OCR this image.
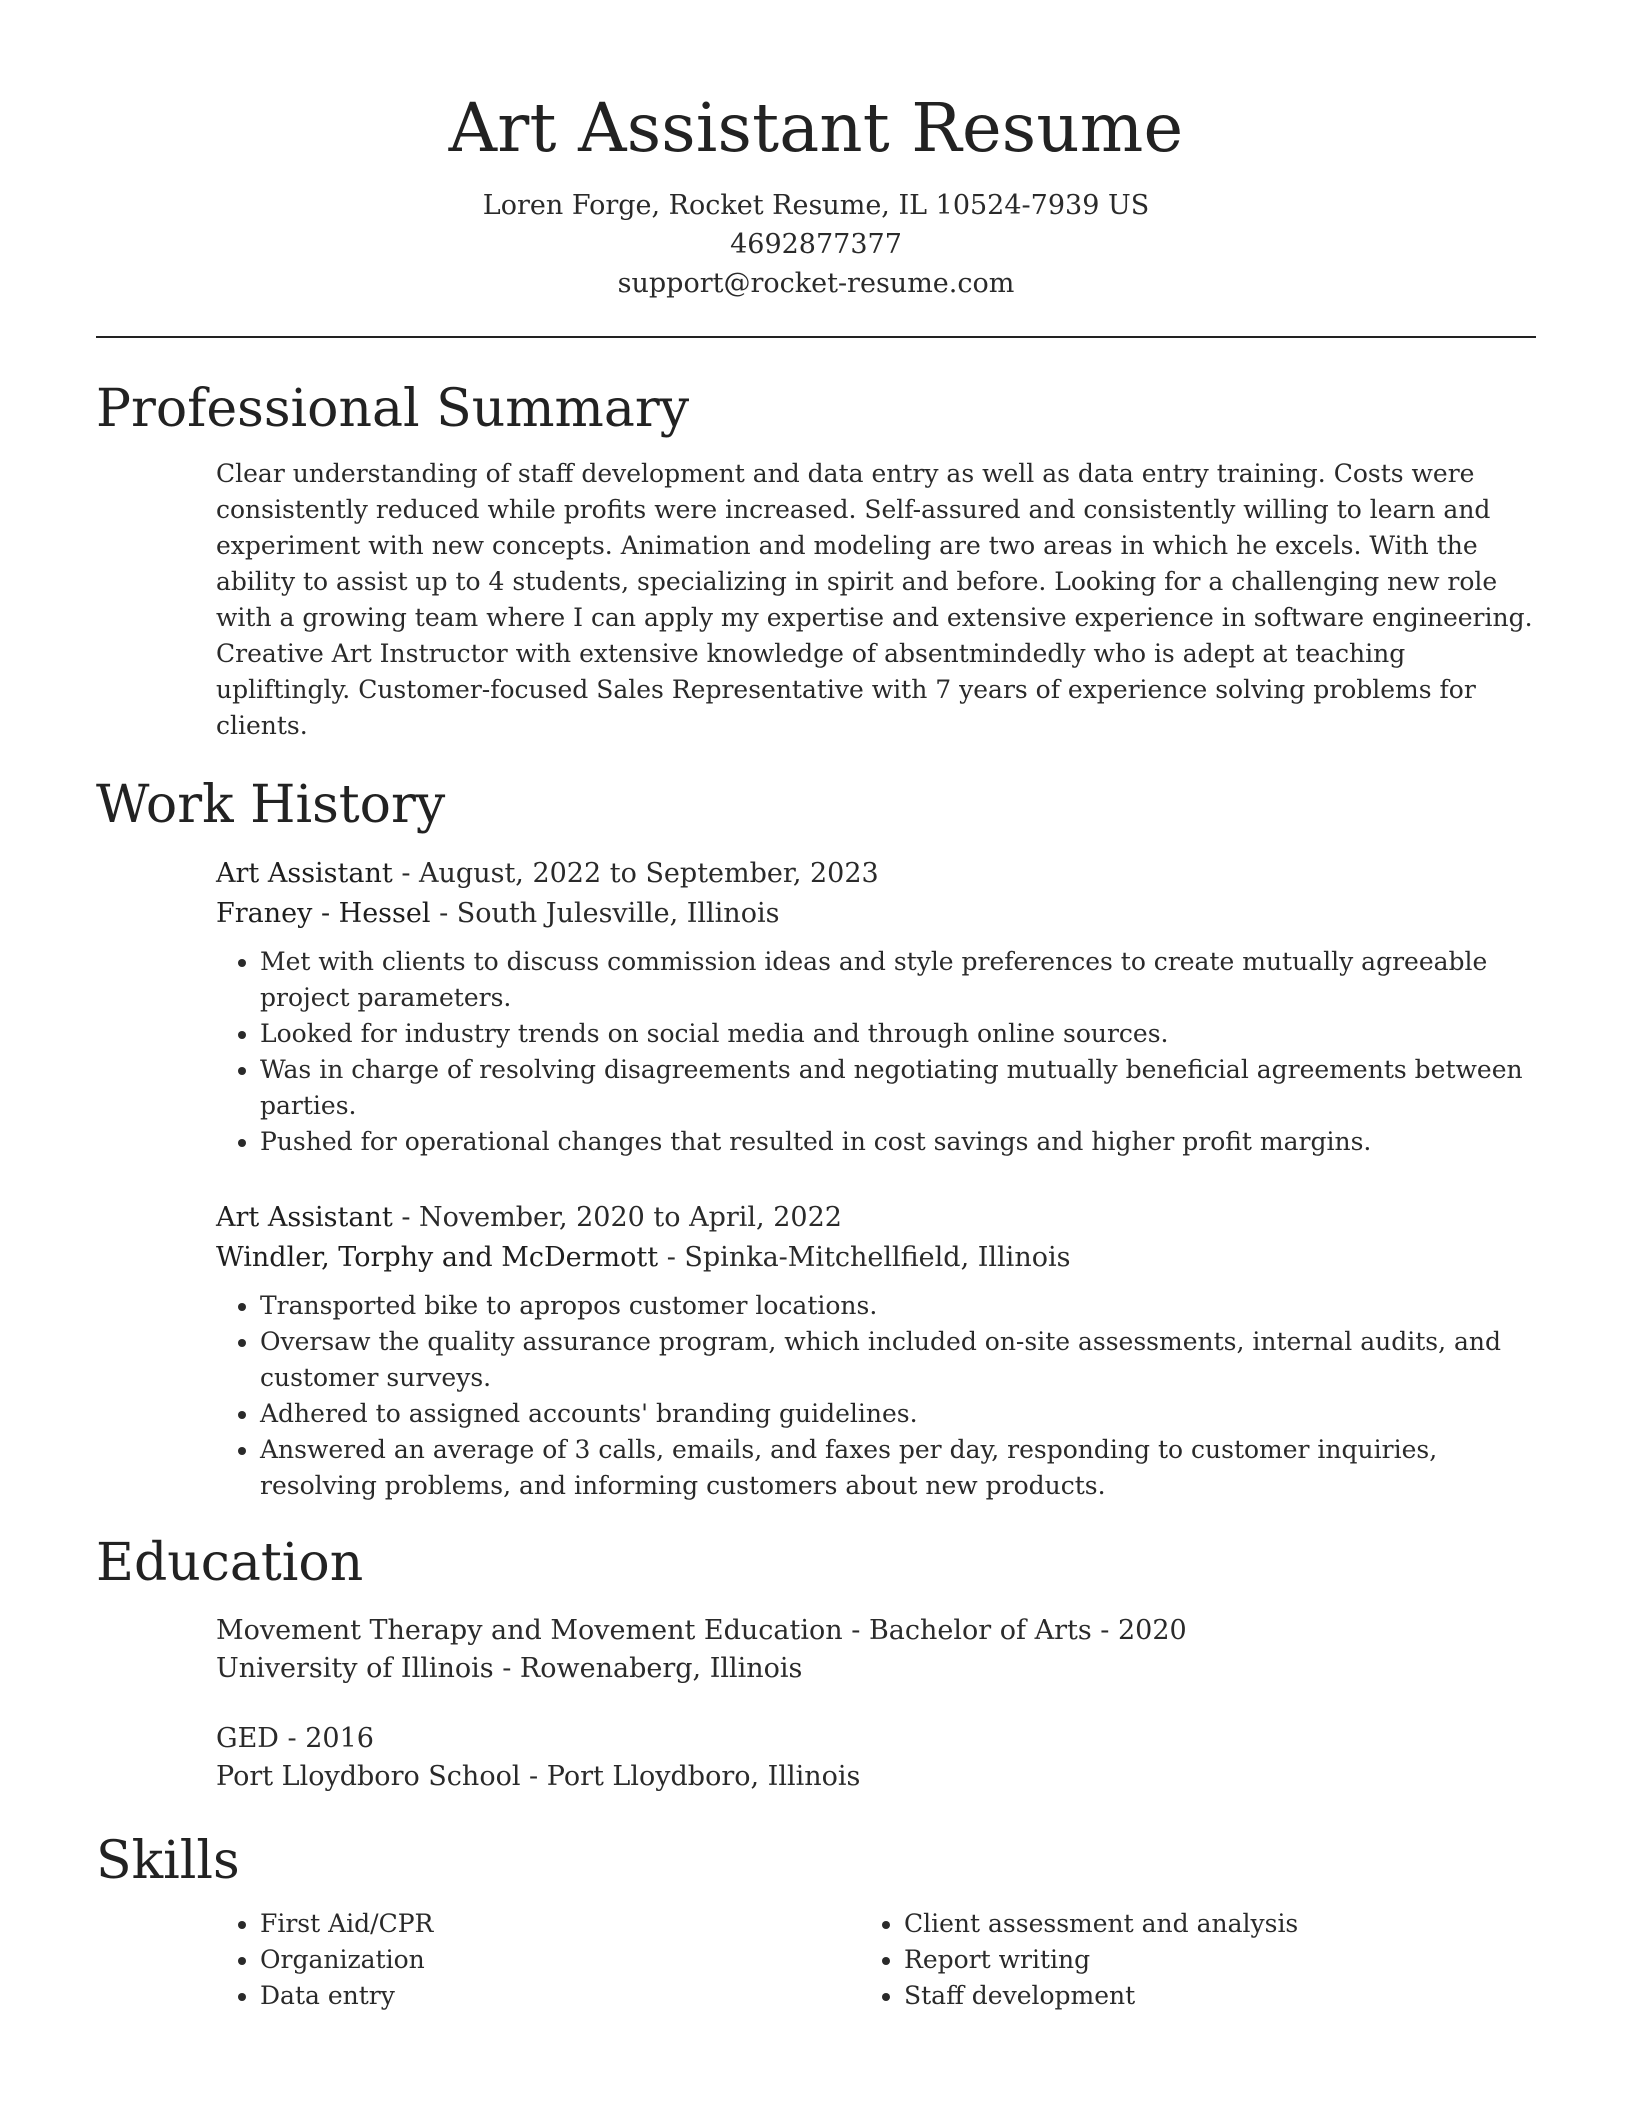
Art Assistant Resume
Loren Forge, Rocket Resume, IL 10524-7939 US
4692877377
support@rocket-resume.com
Professional Summary
Clear understanding of staff development and data entry as well as data entry training. Costs were consistently reduced while profits were increased. Self-assured and consistently willing to learn and experiment with new concepts. Animation and modeling are two areas in which he excels. With the ability to assist up to 4 students, specializing in spirit and before. Looking for a challenging new role with a growing team where I can apply my expertise and extensive experience in software engineering. Creative Art Instructor with extensive knowledge of absentmindedly who is adept at teaching upliftingly. Customer-focused Sales Representative with 7 years of experience solving problems for clients.
Work History
Art Assistant - August, 2022 to September, 2023
Franey - Hessel - South Julesville, Illinois
• Met with clients to discuss commission ideas and style preferences to create mutually agreeable project parameters.
• Looked for industry trends on social media and through online sources.
• Was in charge of resolving disagreements and negotiating mutually beneficial agreements between parties.
• Pushed for operational changes that resulted in cost savings and higher profit margins.
Art Assistant - November, 2020 to April, 2022
Windler, Torphy and McDermott - Spinka-Mitchellfield, Illinois
• Transported bike to apropos customer locations.
• Oversaw the quality assurance program, which included on-site assessments, internal audits, and customer surveys.
• Adhered to assigned accounts' branding guidelines.
• Answered an average of 3 calls, emails, and faxes per day, responding to customer inquiries, resolving problems, and informing customers about new products.
Education
Movement Therapy and Movement Education - Bachelor of Arts - 2020
University of Illinois - Rowenaberg, Illinois
GED - 2016
Port Lloydboro School - Port Lloydboro, Illinois
Skills
• First Aid/CPR
• Organization
• Data entry
• Client assessment and analysis
• Report writing
• Staff development
